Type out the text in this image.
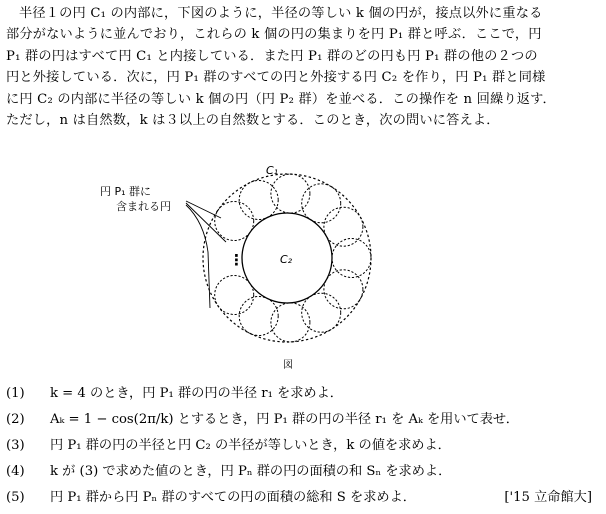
半径１の円 C₁ の内部に，下図のように，半径の等しい k 個の円が，接点以外に重なる

部分がないように並んでおり，これらの k 個の円の集まりを円 P₁ 群と呼ぶ．ここで，円

P₁ 群の円はすべて円 C₁ と内接している．また円 P₁ 群のどの円も円 P₁ 群の他の２つの

円と外接している．次に，円 P₁ 群のすべての円と外接する円 C₂ を作り，円 P₁ 群と同様

に円 C₂ の内部に半径の等しい k 個の円（円 P₂ 群）を並べる．この操作を n 回繰り返す．

ただし，n は自然数，k は３以上の自然数とする．このとき，次の問いに答えよ．

円 P₁ 群に
含まれる円
C₁
C₂
⋮
図
(1) k = 4 のとき，円 P₁ 群の円の半径 r₁ を求めよ．
(2) Aₖ = 1 − cos(2π/k) とするとき，円 P₁ 群の円の半径 r₁ を Aₖ を用いて表せ．
(3) 円 P₁ 群の円の半径と円 C₂ の半径が等しいとき，k の値を求めよ．
(4) k が (3) で求めた値のとき，円 Pₙ 群の円の面積の和 Sₙ を求めよ．
(5) 円 P₁ 群から円 Pₙ 群のすべての円の面積の総和 S を求めよ．	['15 立命館大]
